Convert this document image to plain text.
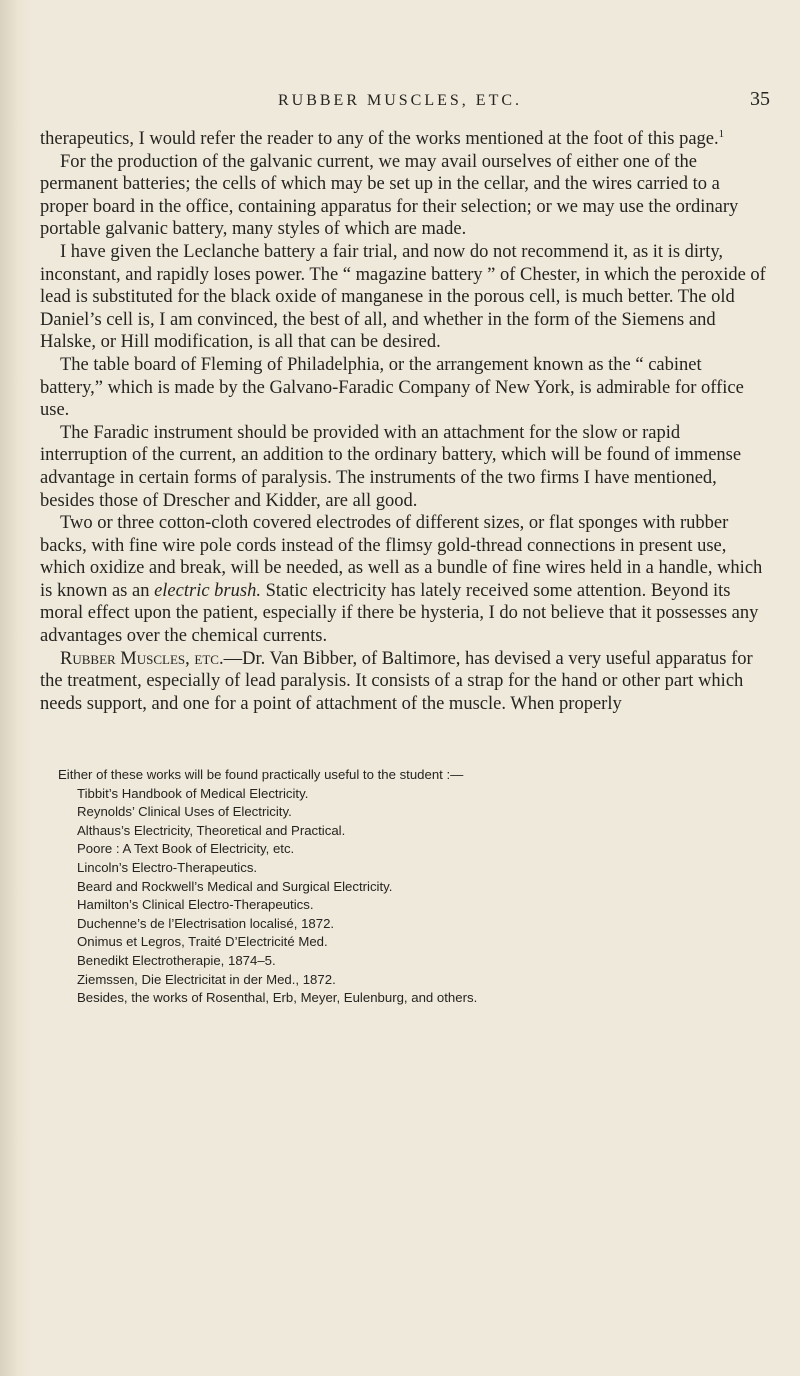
RUBBER MUSCLES, ETC.	35

therapeutics, I would refer the reader to any of the works mentioned at the foot of this page.$^1$

For the production of the galvanic current, we may avail ourselves of either one of the permanent batteries; the cells of which may be set up in the cellar, and the wires carried to a proper board in the office, containing apparatus for their selection; or we may use the ordinary portable galvanic battery, many styles of which are made.

I have given the Leclanche battery a fair trial, and now do not recommend it, as it is dirty, inconstant, and rapidly loses power. The “ magazine battery ” of Chester, in which the peroxide of lead is substituted for the black oxide of manganese in the porous cell, is much better. The old Daniel’s cell is, I am convinced, the best of all, and whether in the form of the Siemens and Halske, or Hill modification, is all that can be desired.

The table board of Fleming of Philadelphia, or the arrangement known as the “ cabinet battery,” which is made by the Galvano-Faradic Company of New York, is admirable for office use.

The Faradic instrument should be provided with an attachment for the slow or rapid interruption of the current, an addition to the ordinary battery, which will be found of immense advantage in certain forms of paralysis. The instruments of the two firms I have mentioned, besides those of Drescher and Kidder, are all good.

Two or three cotton-cloth covered electrodes of different sizes, or flat sponges with rubber backs, with fine wire pole cords instead of the flimsy gold-thread connections in present use, which oxidize and break, will be needed, as well as a bundle of fine wires held in a handle, which is known as an electric brush. Static electricity has lately received some attention. Beyond its moral effect upon the patient, especially if there be hysteria, I do not believe that it possesses any advantages over the chemical currents.

Rubber Muscles, etc.—Dr. Van Bibber, of Baltimore, has devised a very useful apparatus for the treatment, especially of lead paralysis. It consists of a strap for the hand or other part which needs support, and one for a point of attachment of the muscle. When properly

Either of these works will be found practically useful to the student :—

Tibbit’s Handbook of Medical Electricity.
Reynolds’ Clinical Uses of Electricity.
Althaus’s Electricity, Theoretical and Practical.
Poore : A Text Book of Electricity, etc.
Lincoln’s Electro-Therapeutics.
Beard and Rockwell’s Medical and Surgical Electricity.
Hamilton’s Clinical Electro-Therapeutics.
Duchenne’s de l’Electrisation localisé, 1872.
Onimus et Legros, Traité D’Electricité Med.
Benedikt Electrotherapie, 1874–5.
Ziemssen, Die Electricitat in der Med., 1872.
Besides, the works of Rosenthal, Erb, Meyer, Eulenburg, and others.
